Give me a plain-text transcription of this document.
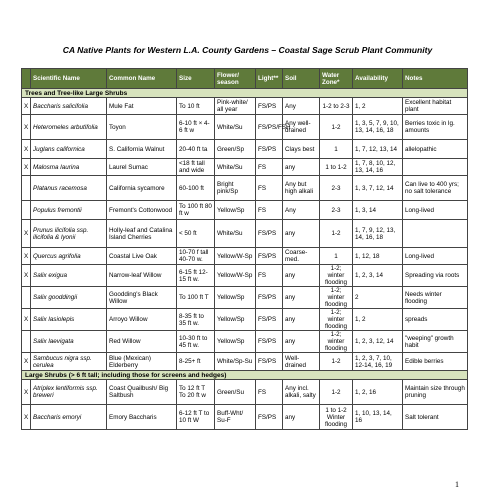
CA Native Plants for Western L.A. County Gardens – Coastal Sage Scrub Plant Community
	Scientific Name	Common Name	Size	Flower/ season	Light**	Soil	Water Zone*	Availability	Notes
Trees and Tree-like Large Shrubs									
X	Baccharis salicifolia	Mule Fat	To 10 ft	Pink-white/ all year	FS/PS	Any	1-2 to 2-3	1, 2	Excellent habitat plant
X	Heteromeles arbutifolia	Toyon	6-10 ft × 4-6 ft w	White/Su	FS/PS/FSH	Any well-drained	1-2	1, 3, 5, 7, 9, 10, 13, 14, 16, 18	Berries toxic in lg. amounts
X	Juglans californica	S. California Walnut	20-40 ft ta	Green/Sp	FS/PS	Clays best	1	1, 7, 12, 13, 14	allelopathic
X	Malosma laurina	Laurel Sumac	<18 ft tall and wide	White/Su	FS	any	1 to 1-2	1, 7, 8, 10, 12, 13, 14, 16	
	Platanus racemosa	California sycamore	60-100 ft	Bright pink/Sp	FS	Any but high alkali	2-3	1, 3, 7, 12, 14	Can live to 400 yrs; no salt tolerance
	Populus fremontii	Fremont's Cottonwood	To 100 ft 80 ft w	Yellow/Sp	FS	Any	2-3	1, 3, 14	Long-lived
X	Prunus ilicifolia ssp. ilicifolia & lyonii	Holly-leaf and Catalina Island Cherries	< 50 ft	White/Su	FS/PS	any	1-2	1, 7, 9, 12, 13, 14, 16, 18	
X	Quercus agrifolia	Coastal Live Oak	10-70 f tall 40-70 w.	Yellow/W-Sp	FS/PS	Coarse-med.	1	1, 12, 18	Long-lived
X	Salix exigua	Narrow-leaf Willow	6-15 ft 12-15 ft w.	Yellow/W-Sp	FS	any	1-2; winter flooding	1, 2, 3, 14	Spreading via roots
	Salix gooddingii	Goodding's Black Willow	To 100 ft T	Yellow/Sp	FS/PS	any	1-2; winter flooding	2	Needs winter flooding
X	Salix lasiolepis	Arroyo Willow	8-35 ft to 35 ft w.	Yellow/Sp	FS/PS	any	1-2; winter flooding	1, 2	spreads
	Salix laevigata	Red Willow	10-30 ft to 45 ft w.	Yellow/Sp	FS/PS	any	1-2; winter flooding	1, 2, 3, 12, 14	"weeping" growth habit
X	Sambucus nigra ssp. cerulea	Blue (Mexican) Elderberry	8-25+ ft	White/Sp-Su	FS/PS	Well-drained	1-2	1, 2, 3, 7, 10, 12-14, 16, 19	Edible berries
Large Shrubs (> 6 ft tall; including those for screens and hedges)									
X	Atriplex lentiformis ssp. breweri	Coast Quailbush/ Big Saltbush	To 12 ft T To 20 ft w	Green/Su	FS	Any incl. alkali, salty	1-2	1, 2, 16	Maintain size through pruning
X	Baccharis emoryi	Emory Baccharis	6-12 ft T to 10 ft W	Buff-Wht/ Su-F	FS/PS	any	1 to 1-2 Winter flooding	1, 10, 13, 14, 16	Salt tolerant
1
